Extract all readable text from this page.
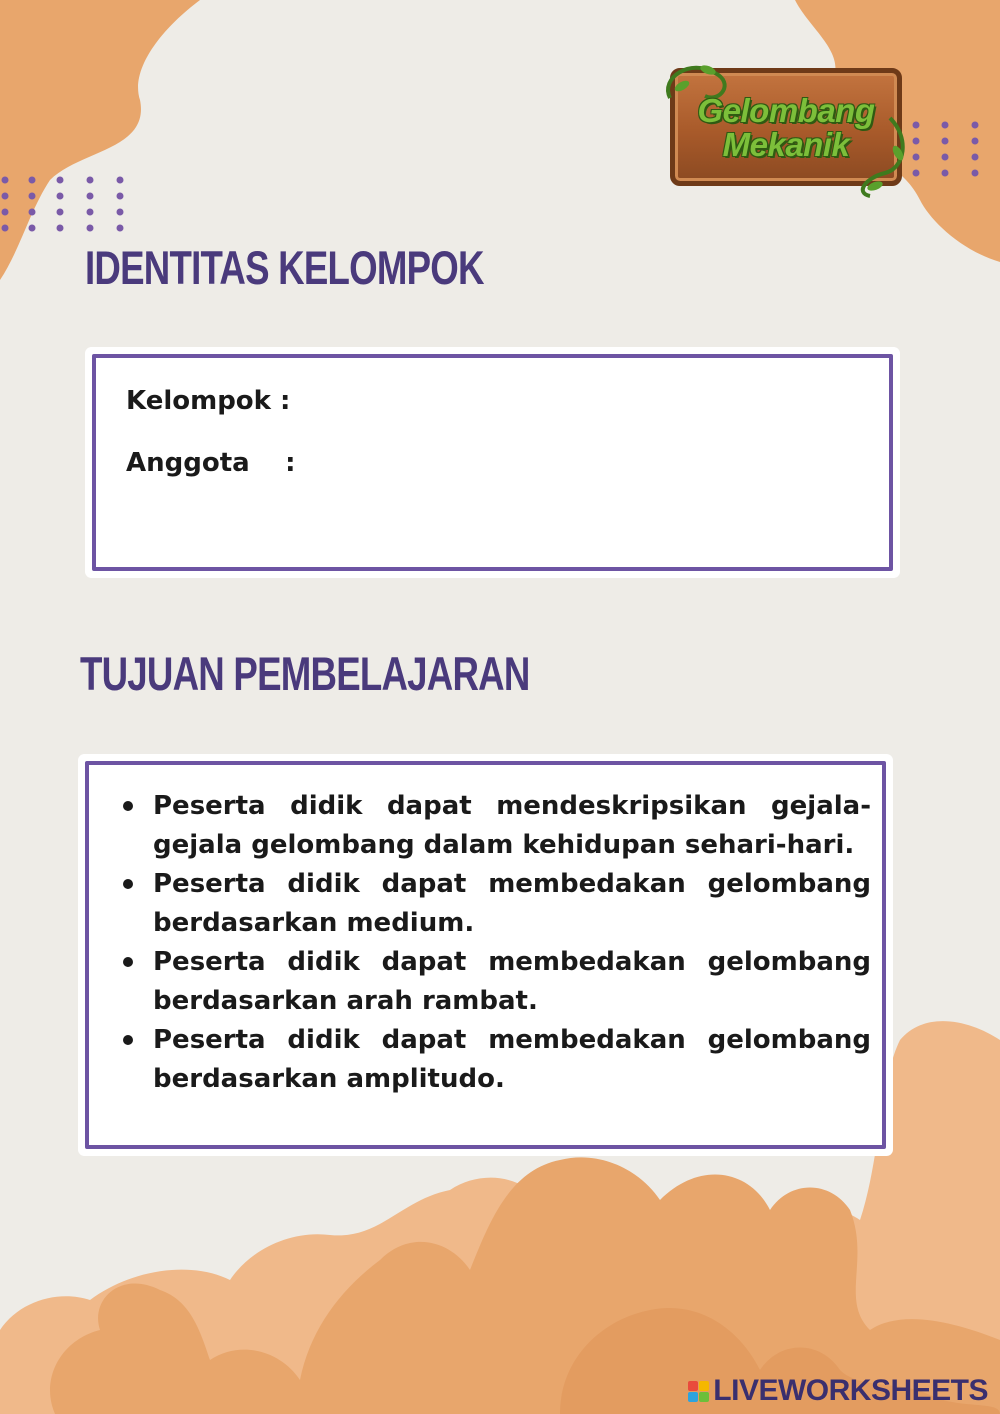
Gelombang
Mekanik

IDENTITAS KELOMPOK
Kelompok :
Anggota :
TUJUAN PEMBELAJARAN
Peserta didik dapat mendeskripsikan gejala-gejala gelombang dalam kehidupan sehari-hari.
Peserta didik dapat membedakan gelombang berdasarkan medium.
Peserta didik dapat membedakan gelombang berdasarkan arah rambat.
Peserta didik dapat membedakan gelombang berdasarkan amplitudo.
LIVEWORKSHEETS
